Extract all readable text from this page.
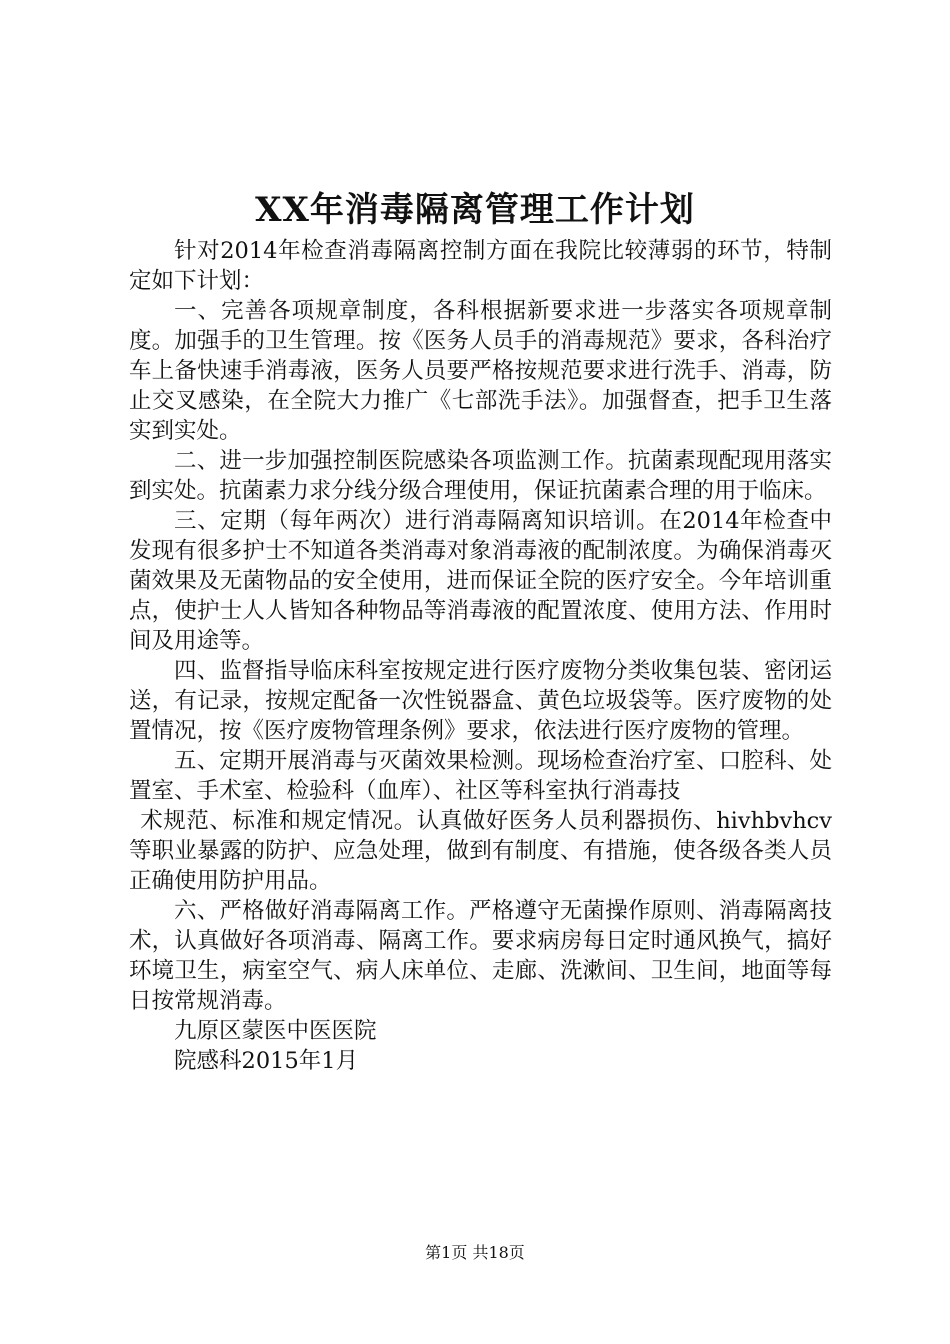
XX年消毒隔离管理工作计划

针对2014年检查消毒隔离控制方面在我院比较薄弱的环节，特制定如下计划：

一、完善各项规章制度，各科根据新要求进一步落实各项规章制度。加强手的卫生管理。按《医务人员手的消毒规范》要求，各科治疗车上备快速手消毒液，医务人员要严格按规范要求进行洗手、消毒，防止交叉感染，在全院大力推广《七部洗手法》。加强督查，把手卫生落实到实处。

二、进一步加强控制医院感染各项监测工作。抗菌素现配现用落实到实处。抗菌素力求分线分级合理使用，保证抗菌素合理的用于临床。

三、定期（每年两次）进行消毒隔离知识培训。在2014年检查中发现有很多护士不知道各类消毒对象消毒液的配制浓度。为确保消毒灭菌效果及无菌物品的安全使用，进而保证全院的医疗安全。今年培训重点，使护士人人皆知各种物品等消毒液的配置浓度、使用方法、作用时间及用途等。

四、监督指导临床科室按规定进行医疗废物分类收集包装、密闭运送，有记录，按规定配备一次性锐器盒、黄色垃圾袋等。医疗废物的处置情况，按《医疗废物管理条例》要求，依法进行医疗废物的管理。

五、定期开展消毒与灭菌效果检测。现场检查治疗室、口腔科、处置室、手术室、检验科（血库）、社区等科室执行消毒技

术规范、标准和规定情况。认真做好医务人员利器损伤、hivhbvhcv等职业暴露的防护、应急处理，做到有制度、有措施，使各级各类人员正确使用防护用品。

六、严格做好消毒隔离工作。严格遵守无菌操作原则、消毒隔离技术，认真做好各项消毒、隔离工作。要求病房每日定时通风换气，搞好环境卫生，病室空气、病人床单位、走廊、洗漱间、卫生间，地面等每日按常规消毒。

九原区蒙医中医医院

院感科2015年1月

第1页 共18页
